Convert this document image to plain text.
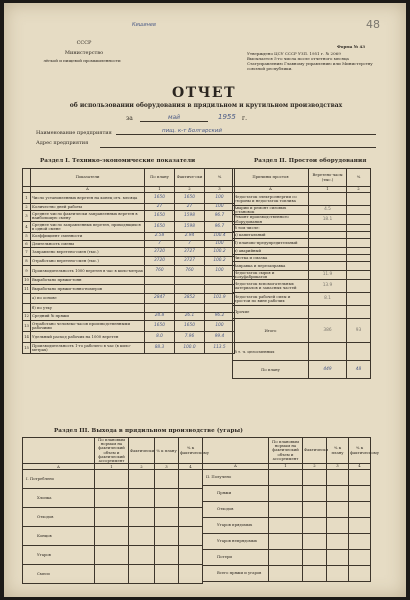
СССР
Министерство
лёгкой и пищевой промышленности
Кишинев	48
Форма № 43
Утверждено ЦСУ СССР УЗП. 1951 г. № 2069
Высылается 5-го числа после отчетного месяца
Статуправлению Главному управлению или Министерству
союзной республики.
ОТЧЕТ
об использовании оборудования в прядильном и крутильном производствах
за	май	1955 г.
Наименование предприятия	пищ. к-т Болгарский
Адрес предприятия
Раздел I. Технико-экономические показатели	Раздел II. Простои оборудования
	Показатели	По плану	Фактиче-ски	%
	А	1	2	3
1	Число установленных веретен на конец отч. месяца	1650	1650	100
2	Количество дней работы	27	27	100
3	Среднее число фактически заправленных веретен в наибольшую смену	1650	1598	96.7
4	Среднее число заправленных веретен, приходящихся в одной смене	1650	1598	96.7
5	Коэффициент сменности	2.58	2.94	100.4
6	Длительность смены	7	7	100
7	Заправлено веретено-смен (тыс.)	3720	3727	100.2
8	Отработано веретено-смен (тыс.)	3720	3727	100.2
9	Производительность 1000 веретен в час в кило-метрах	760	760	100
10	Выработано пряжи-тонн			
11	Выработано пряжи-тонно-номеров			
	а) по основе	2847	3852	101.9
	б) по утку			
12	Средний № пряжи	24.8	26.1	96.2
13	Отработано человеко-часов производственными рабочими	1650	1650	100
14	Удельный расход рабочих на 1000 веретен	8.0	7.96	99.4
15	Производительность 1-го рабочего в час (в кило-метрах)	88.3	100.0	113.5
Причины простоя	Веретено-часы (тыс.)	%
А	1	2
Недостаток электроэнергии со стороны и недостаток топлива		
Аварии и ремонт силовых установок	4.5	
Ремонт производственного оборудования	18.1	
В том числе:		
а) капитальный		
б) планово-предупредительный		
в) аварийный		
Чистка и смазка		
Заправка и перезаправка		
Недостаток сырья и полуфабрикатов	11.9	
Недостаток вспомогательных материалов и запасных частей	13.9	
Недостаток рабочей силы и простои по вине рабочих	8.1	
Прочие		
Итого	386	93
В т. ч. целосменных		
По плану	449	48
Раздел III. Выхода в прядильном производстве (угары)
	По плановым нормам на фактический объем и фактический ассортимент	Фактически	% к плану	% к фактическому
А	1	2	3	4
I. Потреблено				
Хлопка				
Отходов				
Концов				
Угаров				
Смеси				
	По плановым нормам на фактический объем и ассортимент	Фактически	% к плану	% к фактическому
А	1	2	3	4
II. Получено				
Пряжи				
Отходов				
Угаров прядомых				
Угаров непрядомых				
Потери				
Всего пряжи и угаров				
